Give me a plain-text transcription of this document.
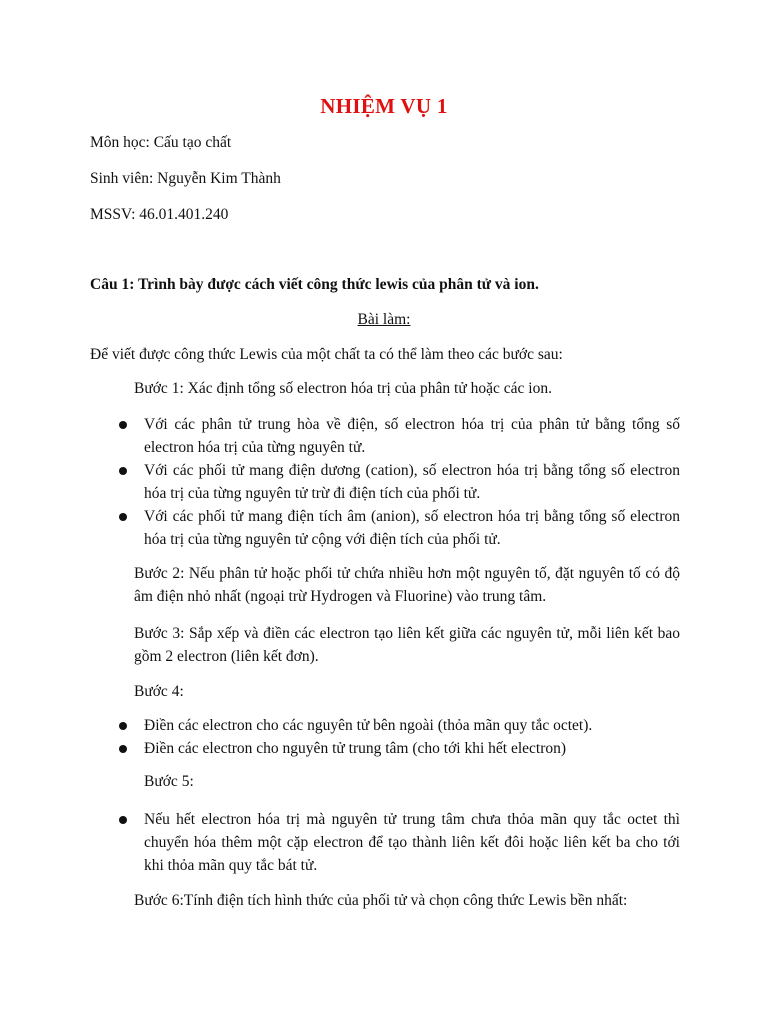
NHIỆM VỤ 1
Môn học: Cấu tạo chất
Sinh viên: Nguyễn Kim Thành
MSSV: 46.01.401.240
Câu 1: Trình bày được cách viết công thức lewis của phân tử và ion.
Bài làm:
Để viết được công thức Lewis của một chất ta có thể làm theo các bước sau:
Bước 1: Xác định tổng số electron hóa trị của phân tử hoặc các ion.
Với các phân tử trung hòa về điện, số electron hóa trị của phân tử bằng tổng số electron hóa trị của từng nguyên tử.
Với các phối tử mang điện dương (cation), số electron hóa trị bằng tổng số electron hóa trị của từng nguyên tử trừ đi điện tích của phối tử.
Với các phối tử mang điện tích âm (anion), số electron hóa trị bằng tổng số electron hóa trị của từng nguyên tử cộng với điện tích của phối tử.
Bước 2: Nếu phân tử hoặc phối tử chứa nhiều hơn một nguyên tố, đặt nguyên tố có độ âm điện nhỏ nhất (ngoại trừ Hydrogen và Fluorine) vào trung tâm.
Bước 3: Sắp xếp và điền các electron tạo liên kết giữa các nguyên tử, mỗi liên kết bao gồm 2 electron (liên kết đơn).
Bước 4:
Điền các electron cho các nguyên tử bên ngoài (thỏa mãn quy tắc octet).
Điền các electron cho nguyên tử trung tâm (cho tới khi hết electron)
Bước 5:
Nếu hết electron hóa trị mà nguyên tử trung tâm chưa thỏa mãn quy tắc octet thì chuyển hóa thêm một cặp electron để tạo thành liên kết đôi hoặc liên kết ba cho tới khi thỏa mãn quy tắc bát tử.
Bước 6:Tính điện tích hình thức của phối tử và chọn công thức Lewis bền nhất:
